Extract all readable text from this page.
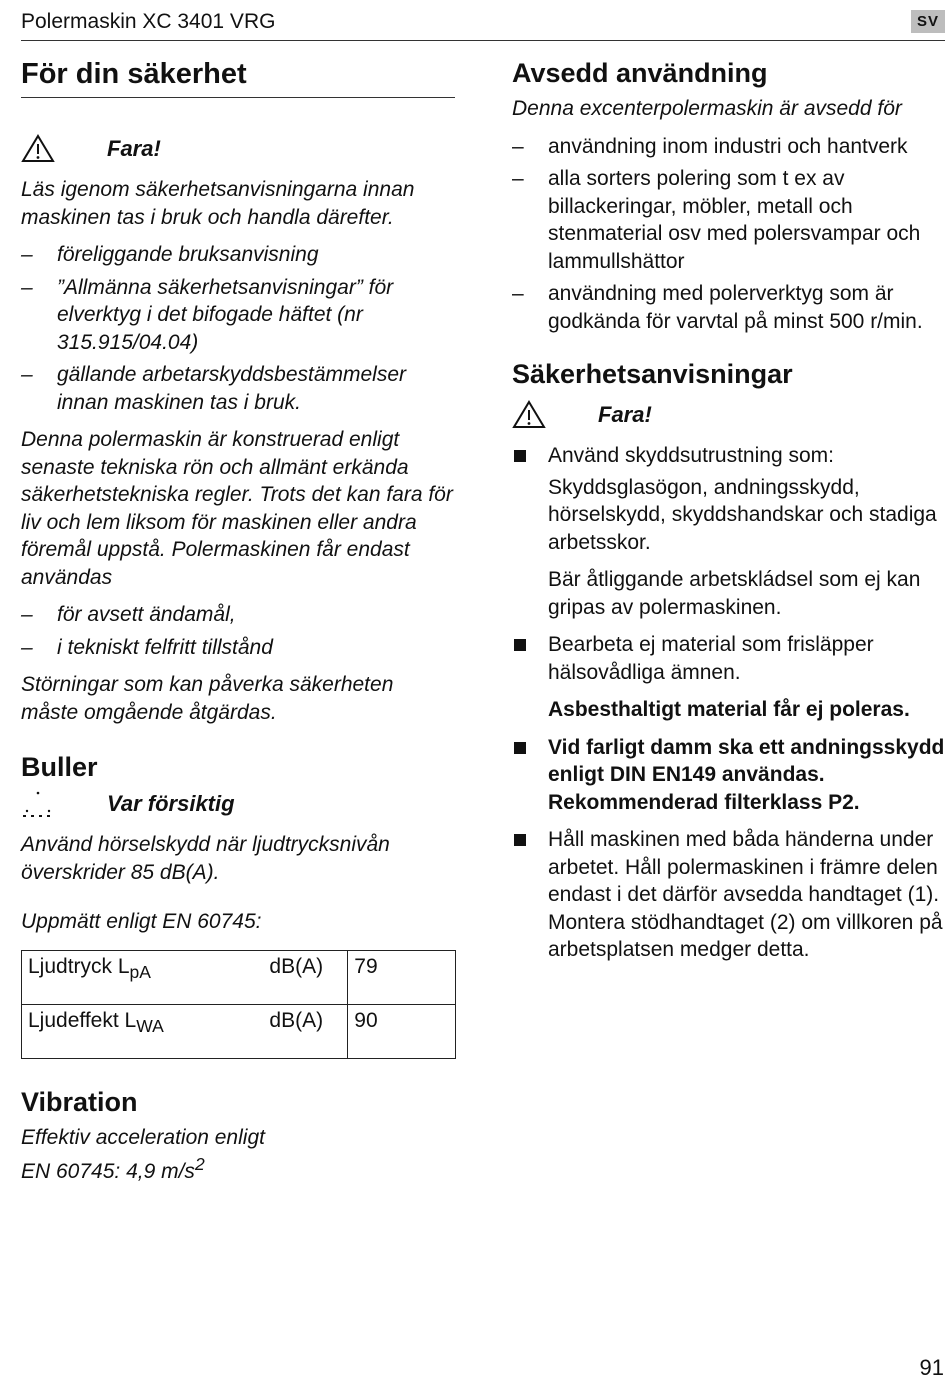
Polermaskin XC 3401 VRG	SV
För din säkerhet
Fara!

Läs igenom säkerhetsanvisningarna innan maskinen tas i bruk och handla därefter.

– föreliggande bruksanvisning
– ”Allmänna säkerhetsanvisningar” för elverktyg i det bifogade häftet (nr 315.915/04.04)
– gällande arbetarskyddsbestämmelser innan maskinen tas i bruk.

Denna polermaskin är konstruerad enligt senaste tekniska rön och allmänt erkända säkerhetstekniska regler. Trots det kan fara för liv och lem liksom för maskinen eller andra föremål uppstå. Polermaskinen får endast användas

– för avsett ändamål,
– i tekniskt felfritt tillstånd

Störningar som kan påverka säkerheten måste omgående åtgärdas.

Buller
Var försiktig

Använd hörselskydd när ljudtrycksnivån överskrider 85 dB(A).

Uppmätt enligt EN 60745:

Ljudtryck $L_{pA}$	dB(A)	79
Ljudeffekt $L_{WA}$	dB(A)	90
Vibration

Effektiv acceleration enligt
EN 60745: 4,9 $m/s^2$

Avsedd användning

Denna excenterpolermaskin är avsedd för

– användning inom industri och hantverk
– alla sorters polering som t ex av billackeringar, möbler, metall och stenmaterial osv med polersvampar och lammullshättor
– användning med polerverktyg som är godkända för varvtal på minst 500 r/min.
Säkerhetsanvisningar
Fara!

Använd skyddsutrustning som:

Skyddsglasögon, andningsskydd, hörselskydd, skyddshandskar och stadiga arbetsskor.

Bär åtliggande arbetskládsel som ej kan gripas av polermaskinen.

Bearbeta ej material som frisläpper hälsovådliga ämnen.

Asbesthaltigt material får ej poleras.

Vid farligt damm ska ett andningsskydd enligt DIN EN149 användas. Rekommenderad filterklass P2.

Håll maskinen med båda händerna under arbetet. Håll polermaskinen i främre delen endast i det därför avsedda handtaget (1). Montera stödhandtaget (2) om villkoren på arbetsplatsen medger detta.

91
